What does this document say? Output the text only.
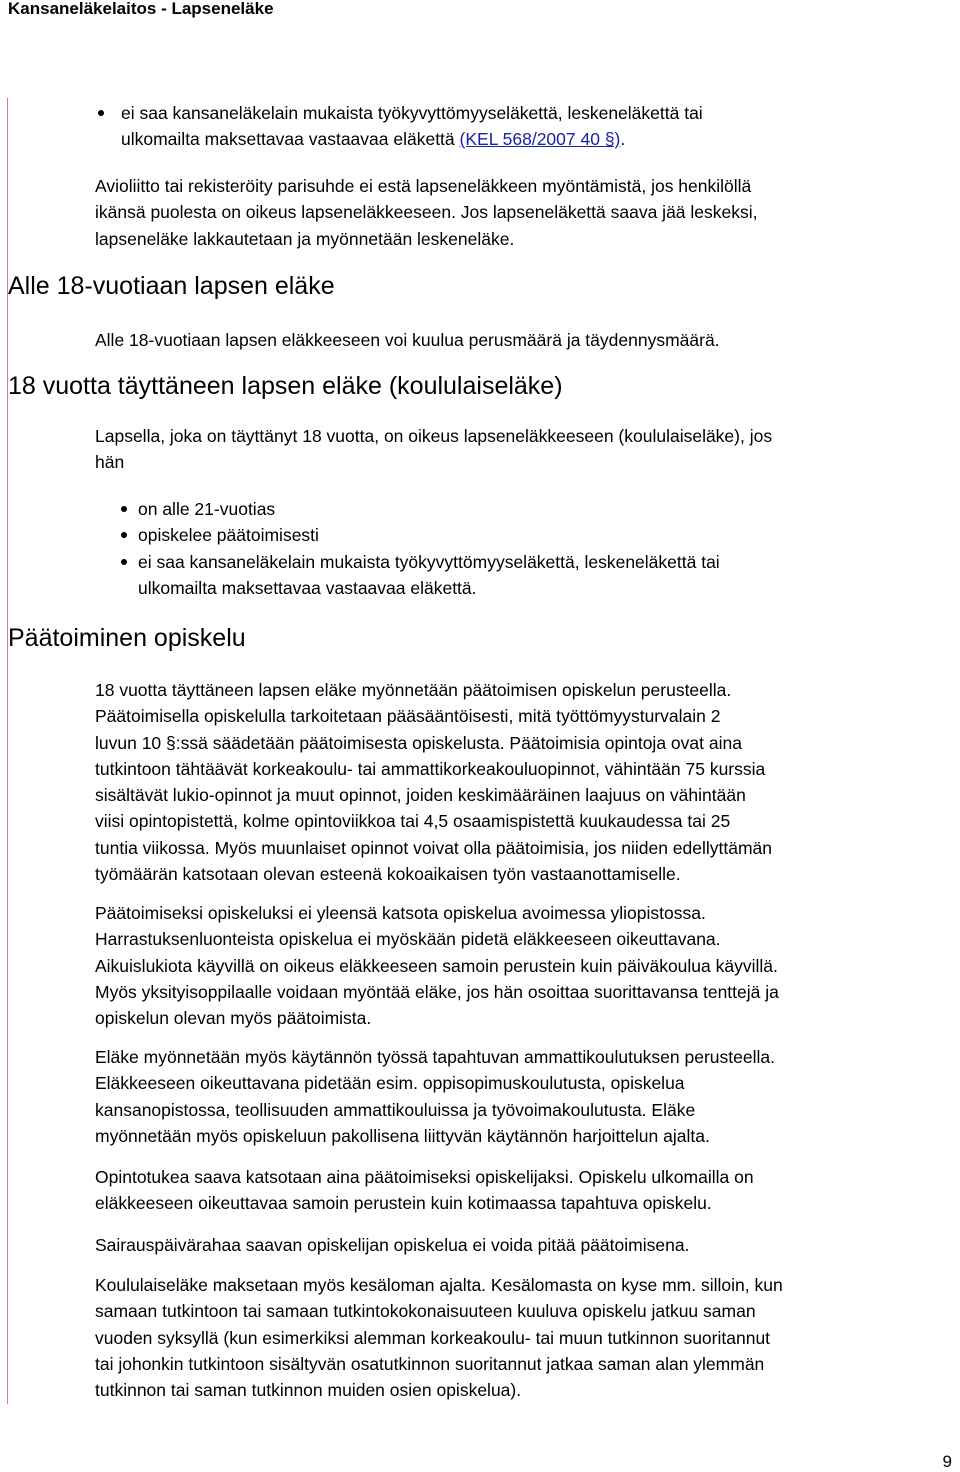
Kansaneläkelaitos - Lapseneläke
ei saa kansaneläkelain mukaista työkyvyttömyyseläkettä, leskeneläkettä tai
ulkomailta maksettavaa vastaavaa eläkettä (KEL 568/2007 40 §).

Avioliitto tai rekisteröity parisuhde ei estä lapseneläkkeen myöntämistä, jos henkilöllä
ikänsä puolesta on oikeus lapseneläkkeeseen. Jos lapseneläkettä saava jää leskeksi,
lapseneläke lakkautetaan ja myönnetään leskeneläke.

Alle 18-vuotiaan lapsen eläke

Alle 18-vuotiaan lapsen eläkkeeseen voi kuulua perusmäärä ja täydennysmäärä.

18 vuotta täyttäneen lapsen eläke (koululaiseläke)

Lapsella, joka on täyttänyt 18 vuotta, on oikeus lapseneläkkeeseen (koululaiseläke), jos
hän

on alle 21-vuotias
opiskelee päätoimisesti
ei saa kansaneläkelain mukaista työkyvyttömyyseläkettä, leskeneläkettä tai
ulkomailta maksettavaa vastaavaa eläkettä.
Päätoiminen opiskelu

18 vuotta täyttäneen lapsen eläke myönnetään päätoimisen opiskelun perusteella.
Päätoimisella opiskelulla tarkoitetaan pääsääntöisesti, mitä työttömyysturvalain 2
luvun 10 §:ssä säädetään päätoimisesta opiskelusta. Päätoimisia opintoja ovat aina
tutkintoon tähtäävät korkeakoulu- tai ammattikorkeakouluopinnot, vähintään 75 kurssia
sisältävät lukio-opinnot ja muut opinnot, joiden keskimääräinen laajuus on vähintään
viisi opintopistettä, kolme opintoviikkoa tai 4,5 osaamispistettä kuukaudessa tai 25
tuntia viikossa. Myös muunlaiset opinnot voivat olla päätoimisia, jos niiden edellyttämän
työmäärän katsotaan olevan esteenä kokoaikaisen työn vastaanottamiselle.

Päätoimiseksi opiskeluksi ei yleensä katsota opiskelua avoimessa yliopistossa.
Harrastuksenluonteista opiskelua ei myöskään pidetä eläkkeeseen oikeuttavana.
Aikuislukiota käyvillä on oikeus eläkkeeseen samoin perustein kuin päiväkoulua käyvillä.
Myös yksityisoppilaalle voidaan myöntää eläke, jos hän osoittaa suorittavansa tenttejä ja
opiskelun olevan myös päätoimista.

Eläke myönnetään myös käytännön työssä tapahtuvan ammattikoulutuksen perusteella.
Eläkkeeseen oikeuttavana pidetään esim. oppisopimuskoulutusta, opiskelua
kansanopistossa, teollisuuden ammattikouluissa ja työvoimakoulutusta. Eläke
myönnetään myös opiskeluun pakollisena liittyvän käytännön harjoittelun ajalta.

Opintotukea saava katsotaan aina päätoimiseksi opiskelijaksi. Opiskelu ulkomailla on
eläkkeeseen oikeuttavaa samoin perustein kuin kotimaassa tapahtuva opiskelu.

Sairauspäivärahaa saavan opiskelijan opiskelua ei voida pitää päätoimisena.

Koululaiseläke maksetaan myös kesäloman ajalta. Kesälomasta on kyse mm. silloin, kun
samaan tutkintoon tai samaan tutkintokokonaisuuteen kuuluva opiskelu jatkuu saman
vuoden syksyllä (kun esimerkiksi alemman korkeakoulu- tai muun tutkinnon suoritannut
tai johonkin tutkintoon sisältyvän osatutkinnon suoritannut jatkaa saman alan ylemmän
tutkinnon tai saman tutkinnon muiden osien opiskelua).

9
